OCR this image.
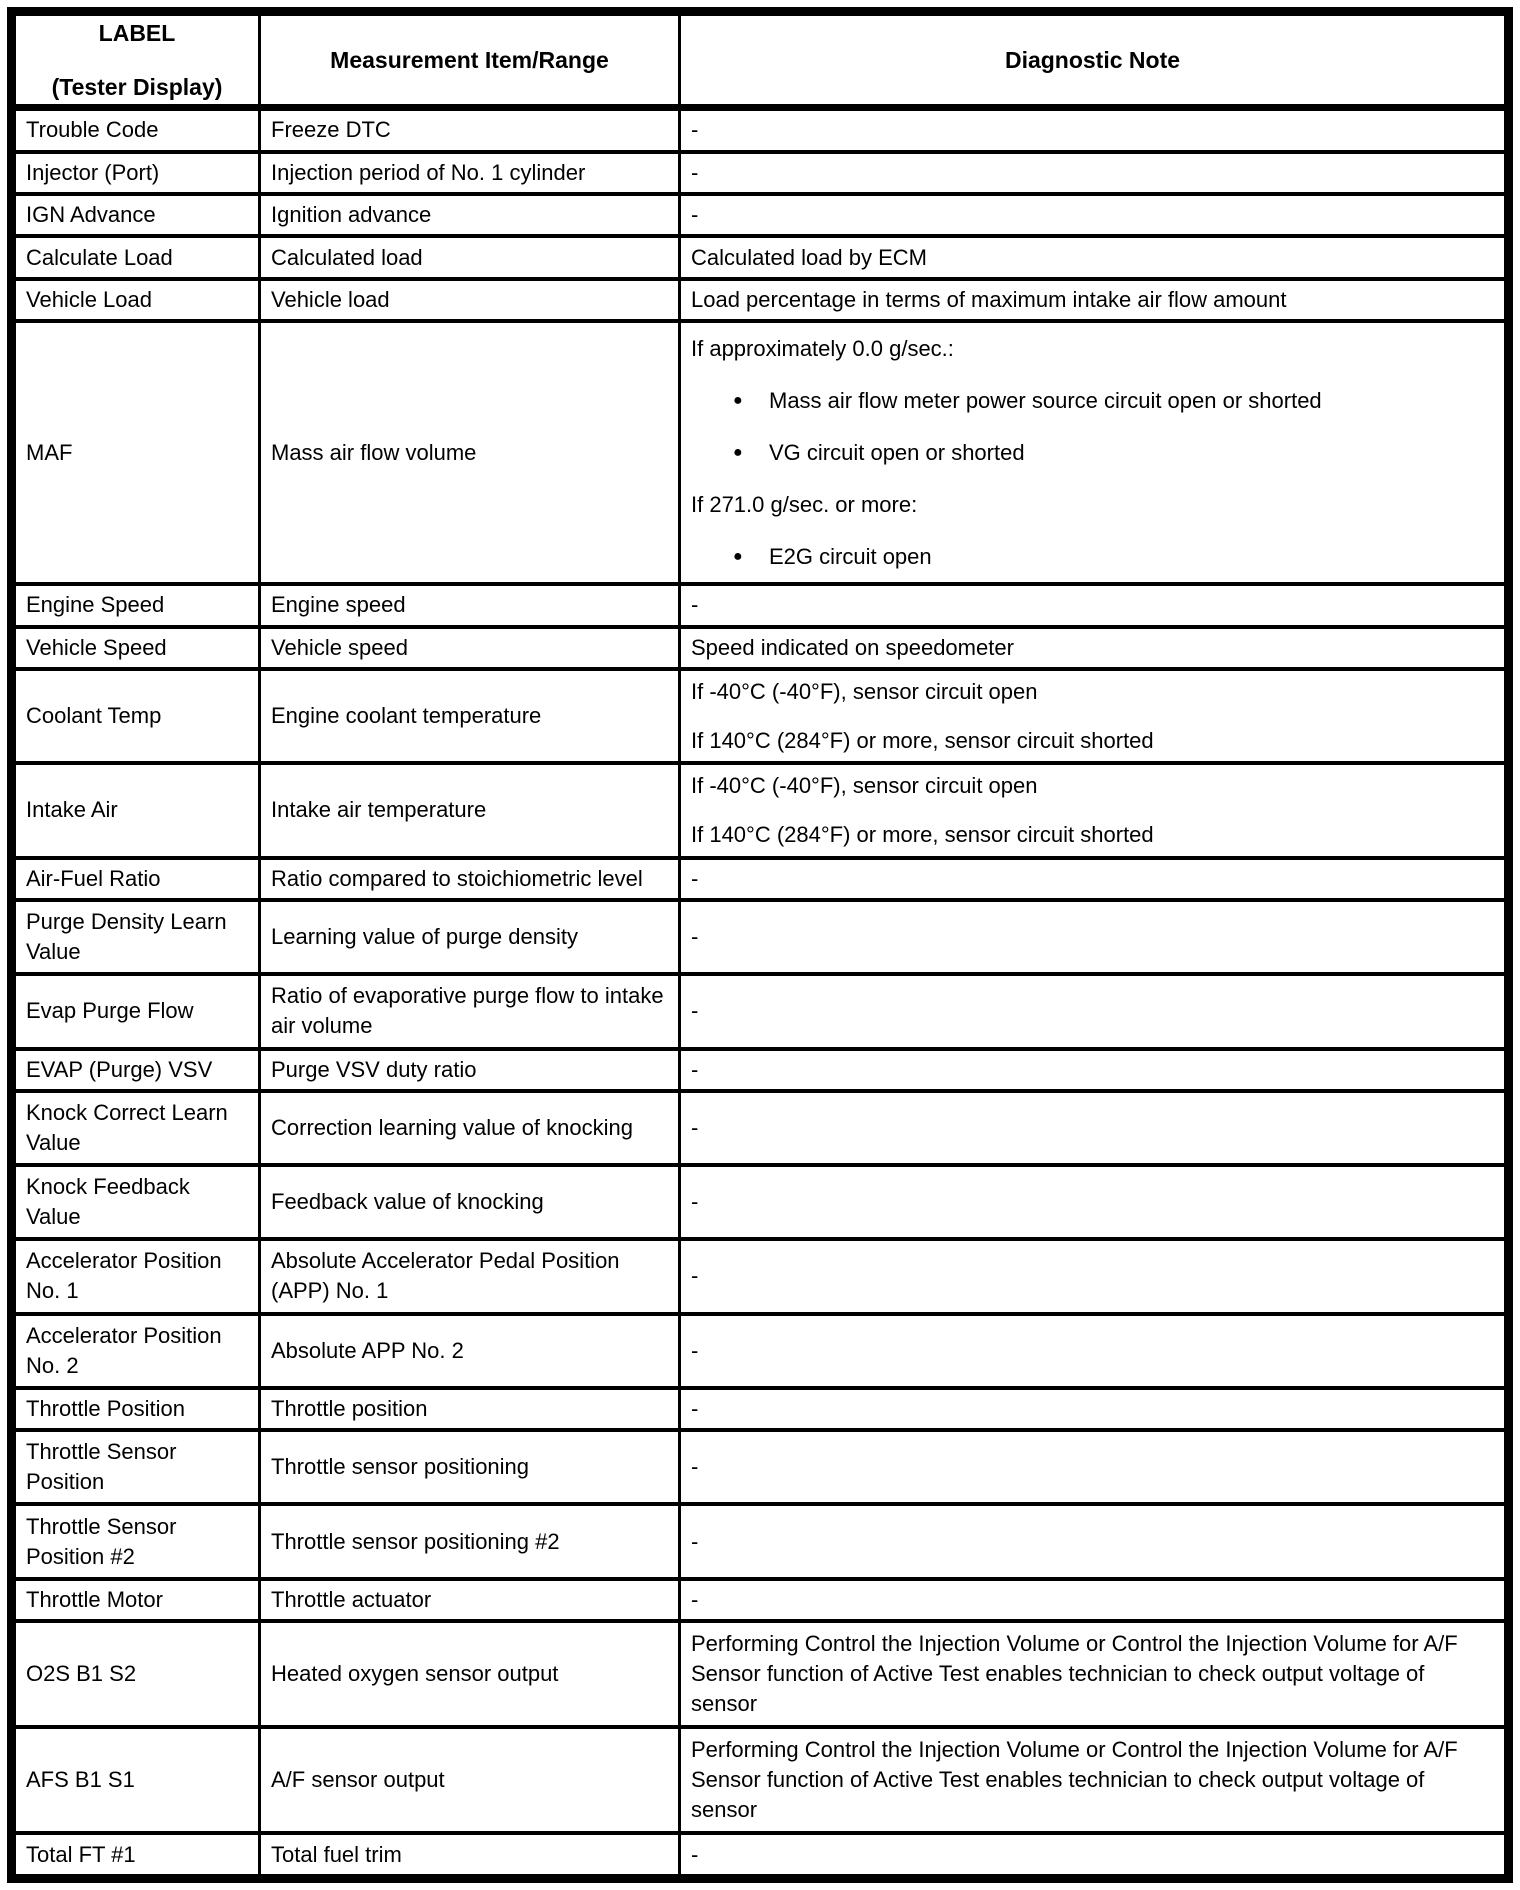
LABEL
(Tester Display)	Measurement Item/Range	Diagnostic Note
Trouble Code	Freeze DTC	-

Injector (Port)	Injection period of No. 1 cylinder	-

IGN Advance	Ignition advance	-

Calculate Load	Calculated load	Calculated load by ECM

Vehicle Load	Vehicle load	Load percentage in terms of maximum intake air flow amount

MAF	Mass air flow volume	
If approximately 0.0 g/sec.:
●	Mass air flow meter power source circuit open or shorted
●	VG circuit open or shorted
If 271.0 g/sec. or more:
●	E2G circuit open

Engine Speed	Engine speed	-

Vehicle Speed	Vehicle speed	Speed indicated on speedometer

Coolant Temp	Engine coolant temperature	If -40°C (-40°F), sensor circuit open
If 140°C (284°F) or more, sensor circuit shorted

Intake Air	Intake air temperature	If -40°C (-40°F), sensor circuit open
If 140°C (284°F) or more, sensor circuit shorted

Air-Fuel Ratio	Ratio compared to stoichiometric level	-

Purge Density Learn Value	Learning value of purge density	-

Evap Purge Flow	Ratio of evaporative purge flow to intake air volume	-

EVAP (Purge) VSV	Purge VSV duty ratio	-

Knock Correct Learn Value	Correction learning value of knocking	-

Knock Feedback Value	Feedback value of knocking	-

Accelerator Position No. 1	Absolute Accelerator Pedal Position (APP) No. 1	-

Accelerator Position No. 2	Absolute APP No. 2	-

Throttle Position	Throttle position	-

Throttle Sensor Position	Throttle sensor positioning	-

Throttle Sensor Position #2	Throttle sensor positioning #2	-

Throttle Motor	Throttle actuator	-

O2S B1 S2	Heated oxygen sensor output	Performing Control the Injection Volume or Control the Injection Volume for A/F Sensor function of Active Test enables technician to check output voltage of sensor

AFS B1 S1	A/F sensor output	Performing Control the Injection Volume or Control the Injection Volume for A/F Sensor function of Active Test enables technician to check output voltage of sensor

Total FT #1	Total fuel trim	-
